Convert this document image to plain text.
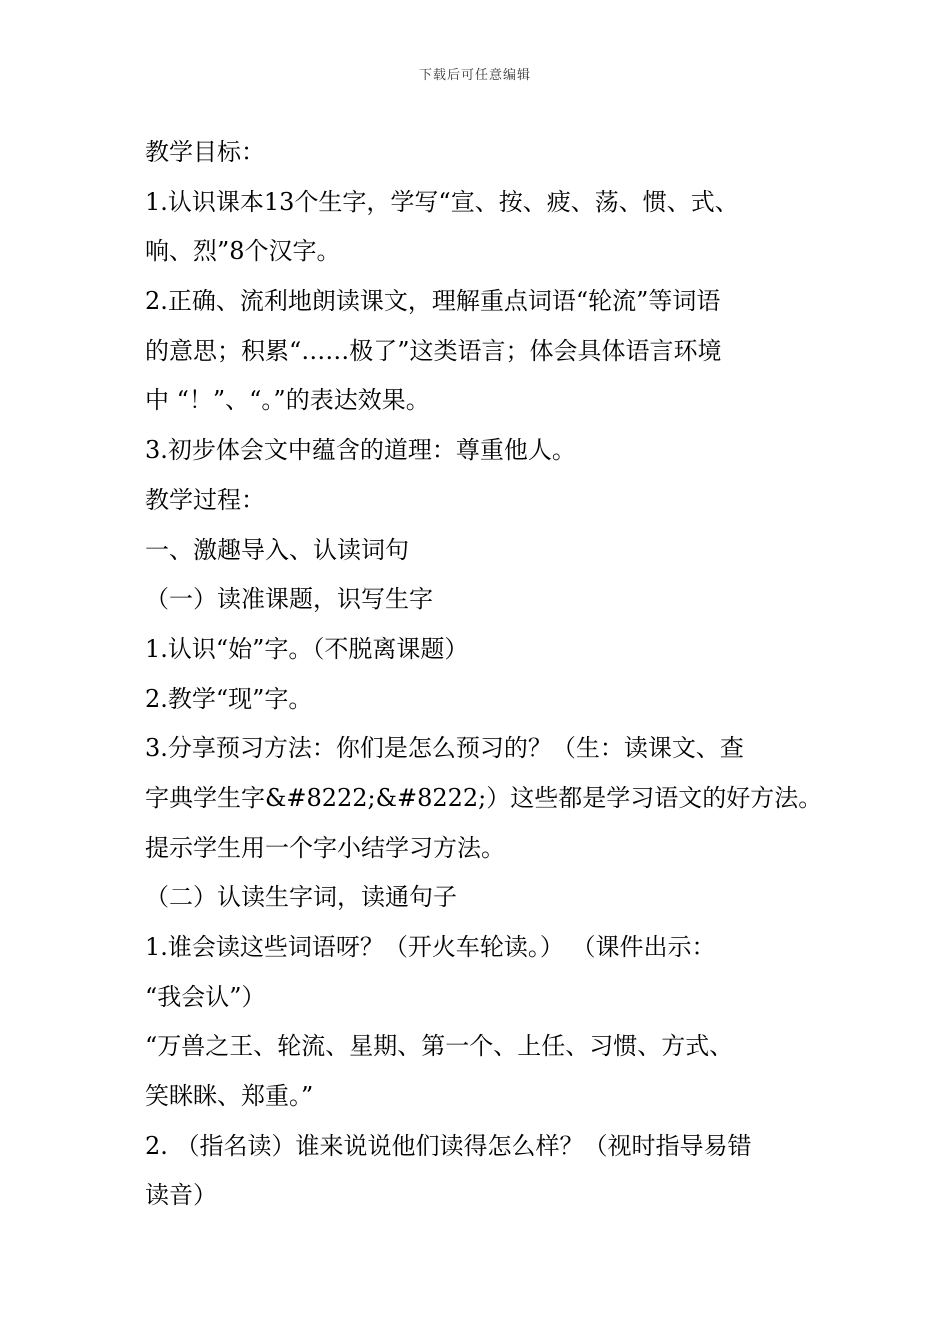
下载后可任意编辑
教学目标：
1.认识课本13个生字，学写“宣、按、疲、荡、惯、式、
响、烈”8个汉字。
2.正确、流利地朗读课文，理解重点词语“轮流”等词语
的意思；积累“……极了”这类语言；体会具体语言环境
中 “！”、“。”的表达效果。
3.初步体会文中蕴含的道理：尊重他人。
教学过程：
一、激趣导入、认读词句
（一）读准课题，识写生字
1.认识“始”字。（不脱离课题）
2.教学“现”字。
3.分享预习方法：你们是怎么预习的？（生：读课文、查
字典学生字&#8222;&#8222;）这些都是学习语文的好方法。
提示学生用一个字小结学习方法。
（二）认读生字词，读通句子
1.谁会读这些词语呀？（开火车轮读。） （课件出示：
“我会认”）
“万兽之王、轮流、星期、第一个、上任、习惯、方式、
笑眯眯、郑重。”
2. （指名读）谁来说说他们读得怎么样？（视时指导易错
读音）
